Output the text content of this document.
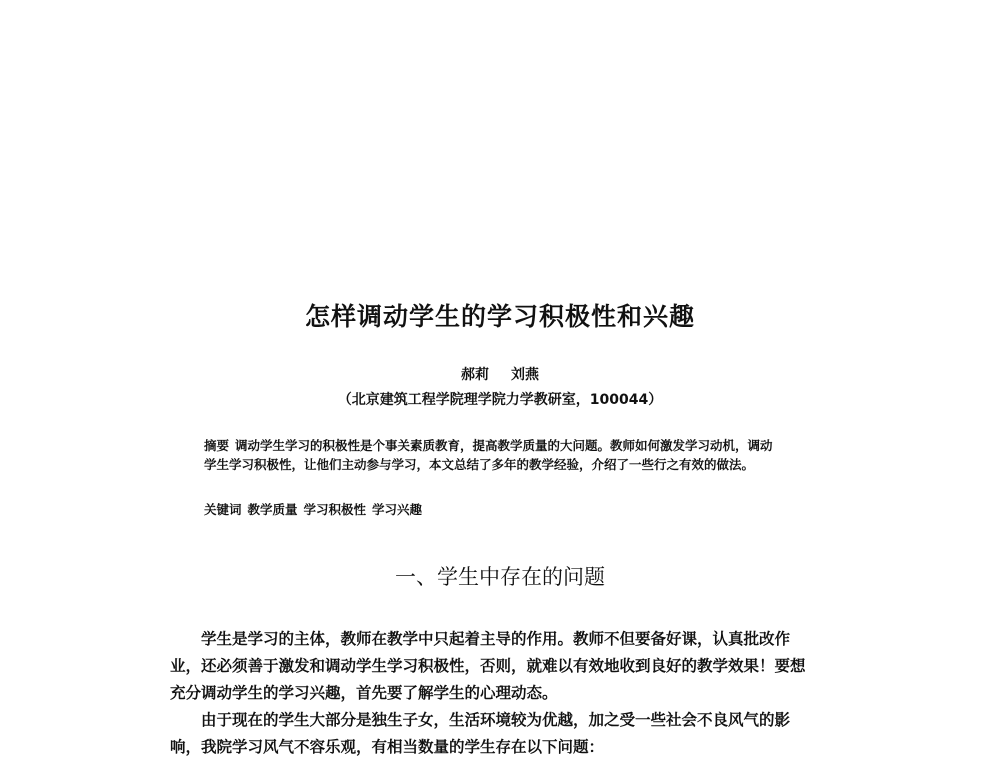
怎样调动学生的学习积极性和兴趣

郝莉 刘燕

（北京建筑工程学院理学院力学教研室，100044）

摘要 调动学生学习的积极性是个事关素质教育，提高教学质量的大问题。教师如何激发学习动机，调动学生学习积极性，让他们主动参与学习，本文总结了多年的教学经验，介绍了一些行之有效的做法。

关键词 教学质量 学习积极性 学习兴趣

一、学生中存在的问题

学生是学习的主体，教师在教学中只起着主导的作用。教师不但要备好课，认真批改作业，还必须善于激发和调动学生学习积极性，否则，就难以有效地收到良好的教学效果！要想充分调动学生的学习兴趣，首先要了解学生的心理动态。

由于现在的学生大部分是独生子女，生活环境较为优越，加之受一些社会不良风气的影响，我院学习风气不容乐观，有相当数量的学生存在以下问题：
